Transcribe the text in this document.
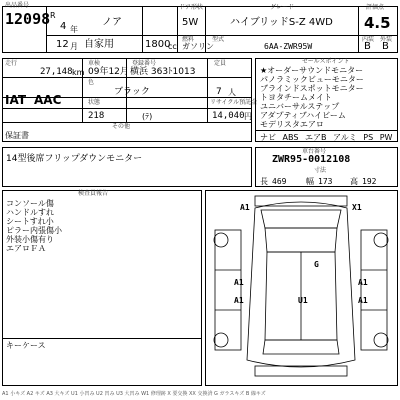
出品番号
12098 R
4 年
12 月
ノア
ドア形状
5W
グレード
ハイブリッドS-Z 4WD
評価点
4.5
自家用	1800
cc
燃料
ガソリン
型式
6AA-ZWR95W
内装 外装
B B
走行
27,148 km
車検
09年12月
登録番号
横浜 363ﾄ1013
定員
IAT AAC
色
ブラック	7 人
リサイクル預託金
状態
218	(ﾃ)	14,040 円
その他
保証書
セールスポイント
★オーダーサウンドモニター
パノラミックビューモニター
ブラインドスポットモニター
トヨタチームメイト
ユニバーサルステップ
アダプティブハイビーム
モデリスタエアロ
ナビ ABS エアB アルミ PS PW
14型後席フリップダウンモニター
車台番号
ZWR95-0012108
寸法
長 469 幅 173 高 192
検査員報告
コンソール傷
ハンドルすれ
シートすれ小
ピラー内張傷小
外装小傷有り
エアロＦＡ
キーケース
A1	X1
G
A1	A1
A1	U1	A1
A1 小キズ A2 キズ A3 大キズ U1 小凹み U2 凹み U3 大凹み W1 修理跡 X 要交換 XX 交換済 G ガラスキズ B 線キズ
